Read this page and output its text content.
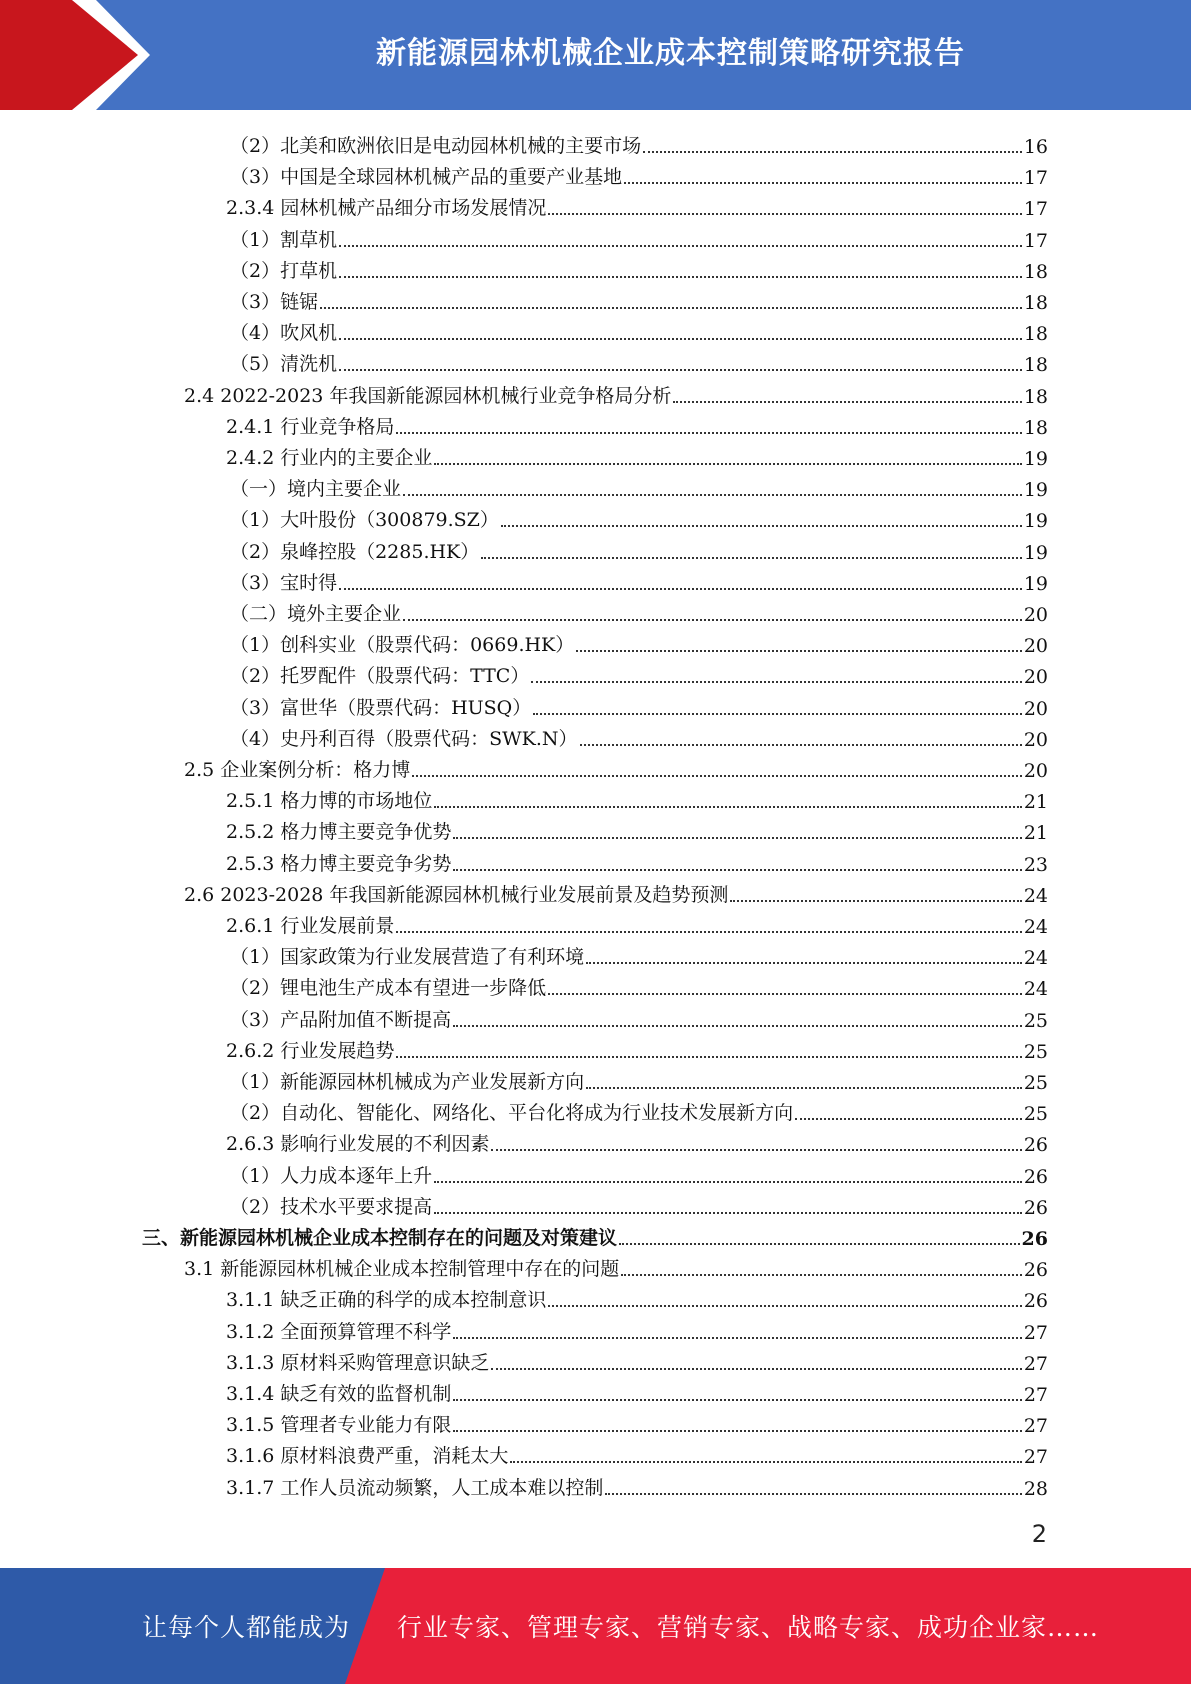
新能源园林机械企业成本控制策略研究报告
（2）北美和欧洲依旧是电动园林机械的主要市场	16
（3）中国是全球园林机械产品的重要产业基地	17
2.3.4 园林机械产品细分市场发展情况	17
（1）割草机	17
（2）打草机	18
（3）链锯	18
（4）吹风机	18
（5）清洗机	18
2.4 2022-2023 年我国新能源园林机械行业竞争格局分析	18
2.4.1 行业竞争格局	18
2.4.2 行业内的主要企业	19
（一）境内主要企业	19
（1）大叶股份（300879.SZ）	19
（2）泉峰控股（2285.HK）	19
（3）宝时得	19
（二）境外主要企业	20
（1）创科实业（股票代码：0669.HK）	20
（2）托罗配件（股票代码：TTC）	20
（3）富世华（股票代码：HUSQ）	20
（4）史丹利百得（股票代码：SWK.N）	20
2.5 企业案例分析：格力博	20
2.5.1 格力博的市场地位	21
2.5.2 格力博主要竞争优势	21
2.5.3 格力博主要竞争劣势	23
2.6 2023-2028 年我国新能源园林机械行业发展前景及趋势预测	24
2.6.1 行业发展前景	24
（1）国家政策为行业发展营造了有利环境	24
（2）锂电池生产成本有望进一步降低	24
（3）产品附加值不断提高	25
2.6.2 行业发展趋势	25
（1）新能源园林机械成为产业发展新方向	25
（2）自动化、智能化、网络化、平台化将成为行业技术发展新方向	25
2.6.3 影响行业发展的不利因素	26
（1）人力成本逐年上升	26
（2）技术水平要求提高	26
三、新能源园林机械企业成本控制存在的问题及对策建议	26
3.1 新能源园林机械企业成本控制管理中存在的问题	26
3.1.1 缺乏正确的科学的成本控制意识	26
3.1.2 全面预算管理不科学	27
3.1.3 原材料采购管理意识缺乏	27
3.1.4 缺乏有效的监督机制	27
3.1.5 管理者专业能力有限	27
3.1.6 原材料浪费严重，消耗太大	27
3.1.7 工作人员流动频繁，人工成本难以控制	28
2
让每个人都能成为 行业专家、管理专家、营销专家、战略专家、成功企业家……
